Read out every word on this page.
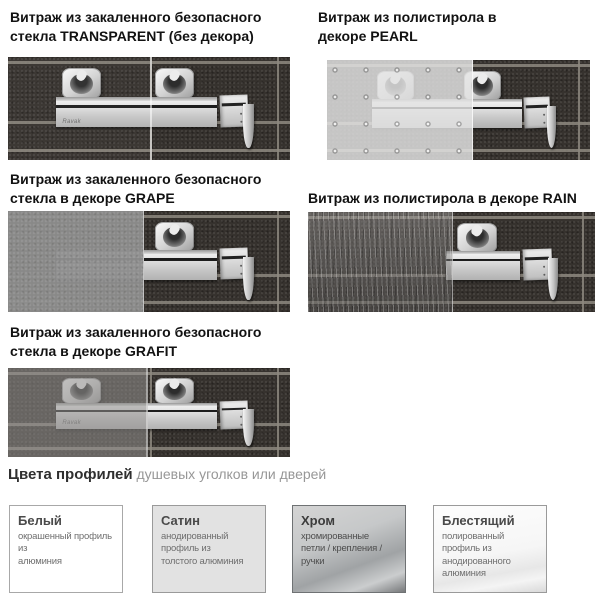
Витраж из закаленного безопасного стекла TRANSPARENT (без декора)
Ravak
Витраж из полистирола в декоре PEARL
Витраж из закаленного безопасного стекла в декоре GRAPE	Витраж из полистирола в декоре RAIN
Витраж из закаленного безопасного стекла в декоре GRAFIT
Цвета профилей душевых уголков или дверей
Белый
окрашенный профиль из
алюминия
Сатин
анодированный профиль из
толстого алюминия
Хром
хромированные
петли / крепления / ручки
Блестящий
полированный профиль из
анодированного алюминия
